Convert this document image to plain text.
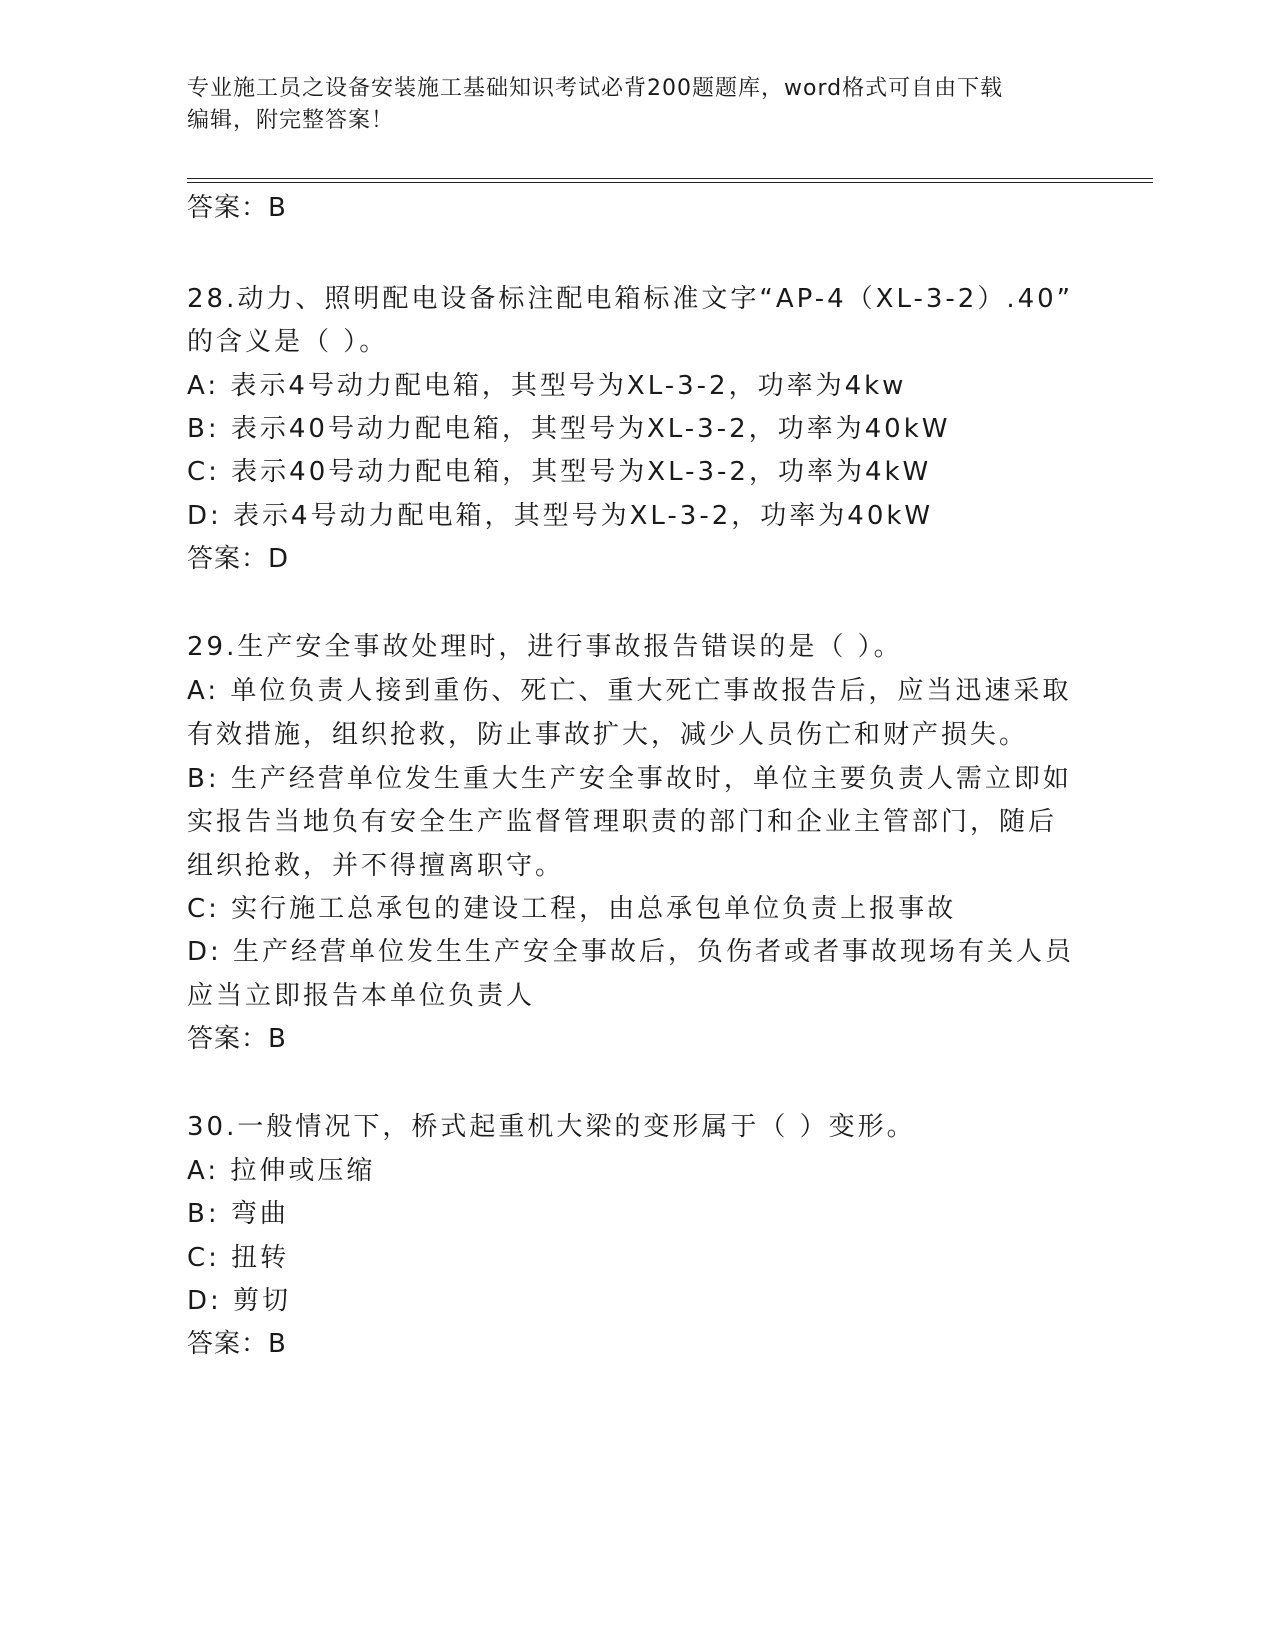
专业施工员之设备安装施工基础知识考试必背200题题库，word格式可自由下载
编辑，附完整答案！
答案：B
28.动力、照明配电设备标注配电箱标准文字“AP-4（XL-3-2）.40”
的含义是（ ）。
A: 表示4号动力配电箱，其型号为XL-3-2，功率为4kw
B: 表示40号动力配电箱，其型号为XL-3-2，功率为40kW
C: 表示40号动力配电箱，其型号为XL-3-2，功率为4kW
D: 表示4号动力配电箱，其型号为XL-3-2，功率为40kW
答案：D
29.生产安全事故处理时，进行事故报告错误的是（ ）。
A: 单位负责人接到重伤、死亡、重大死亡事故报告后，应当迅速采取
有效措施，组织抢救，防止事故扩大，减少人员伤亡和财产损失。
B: 生产经营单位发生重大生产安全事故时，单位主要负责人需立即如
实报告当地负有安全生产监督管理职责的部门和企业主管部门，随后
组织抢救，并不得擅离职守。
C: 实行施工总承包的建设工程，由总承包单位负责上报事故
D: 生产经营单位发生生产安全事故后，负伤者或者事故现场有关人员
应当立即报告本单位负责人
答案：B
30.一般情况下，桥式起重机大梁的变形属于（ ）变形。
A: 拉伸或压缩
B: 弯曲
C: 扭转
D: 剪切
答案：B
